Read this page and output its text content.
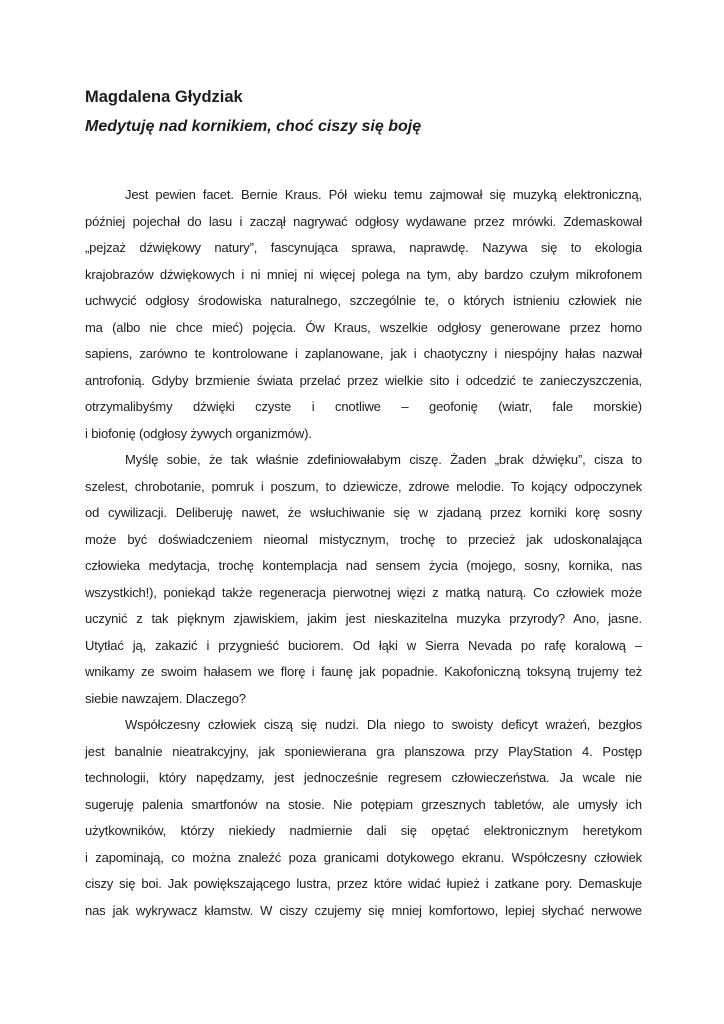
Magdalena Głydziak
Medytuję nad kornikiem, choć ciszy się boję
Jest pewien facet. Bernie Kraus. Pół wieku temu zajmował się muzyką elektroniczną,
później pojechał do lasu i zaczął nagrywać odgłosy wydawane przez mrówki. Zdemaskował
„pejzaż dźwiękowy natury”, fascynująca sprawa, naprawdę. Nazywa się to ekologia
krajobrazów dźwiękowych i ni mniej ni więcej polega na tym, aby bardzo czułym mikrofonem
uchwycić odgłosy środowiska naturalnego, szczególnie te, o których istnieniu człowiek nie
ma (albo nie chce mieć) pojęcia. Ów Kraus, wszelkie odgłosy generowane przez homo
sapiens, zarówno te kontrolowane i zaplanowane, jak i chaotyczny i niespójny hałas nazwał
antrofonią. Gdyby brzmienie świata przelać przez wielkie sito i odcedzić te zanieczyszczenia,
otrzymalibyśmy dźwięki czyste i cnotliwe – geofonię (wiatr, fale morskie)
i biofonię (odgłosy żywych organizmów).
Myślę sobie, że tak właśnie zdefiniowałabym ciszę. Żaden „brak dźwięku”, cisza to
szelest, chrobotanie, pomruk i poszum, to dziewicze, zdrowe melodie. To kojący odpoczynek
od cywilizacji. Deliberuję nawet, że wsłuchiwanie się w zjadaną przez korniki korę sosny
może być doświadczeniem nieomal mistycznym, trochę to przecież jak udoskonalająca
człowieka medytacja, trochę kontemplacja nad sensem życia (mojego, sosny, kornika, nas
wszystkich!), poniekąd także regeneracja pierwotnej więzi z matką naturą. Co człowiek może
uczynić z tak pięknym zjawiskiem, jakim jest nieskazitelna muzyka przyrody? Ano, jasne.
Utytłać ją, zakazić i przygnieść buciorem. Od łąki w Sierra Nevada po rafę koralową –
wnikamy ze swoim hałasem we florę i faunę jak popadnie. Kakofoniczną toksyną trujemy też
siebie nawzajem. Dlaczego?
Współczesny człowiek ciszą się nudzi. Dla niego to swoisty deficyt wrażeń, bezgłos
jest banalnie nieatrakcyjny, jak sponiewierana gra planszowa przy PlayStation 4. Postęp
technologii, który napędzamy, jest jednocześnie regresem człowieczeństwa. Ja wcale nie
sugeruję palenia smartfonów na stosie. Nie potępiam grzesznych tabletów, ale umysły ich
użytkowników, którzy niekiedy nadmiernie dali się opętać elektronicznym heretykom
i zapominają, co można znaleźć poza granicami dotykowego ekranu. Współczesny człowiek
ciszy się boi. Jak powiększającego lustra, przez które widać łupież i zatkane pory. Demaskuje
nas jak wykrywacz kłamstw. W ciszy czujemy się mniej komfortowo, lepiej słychać nerwowe
